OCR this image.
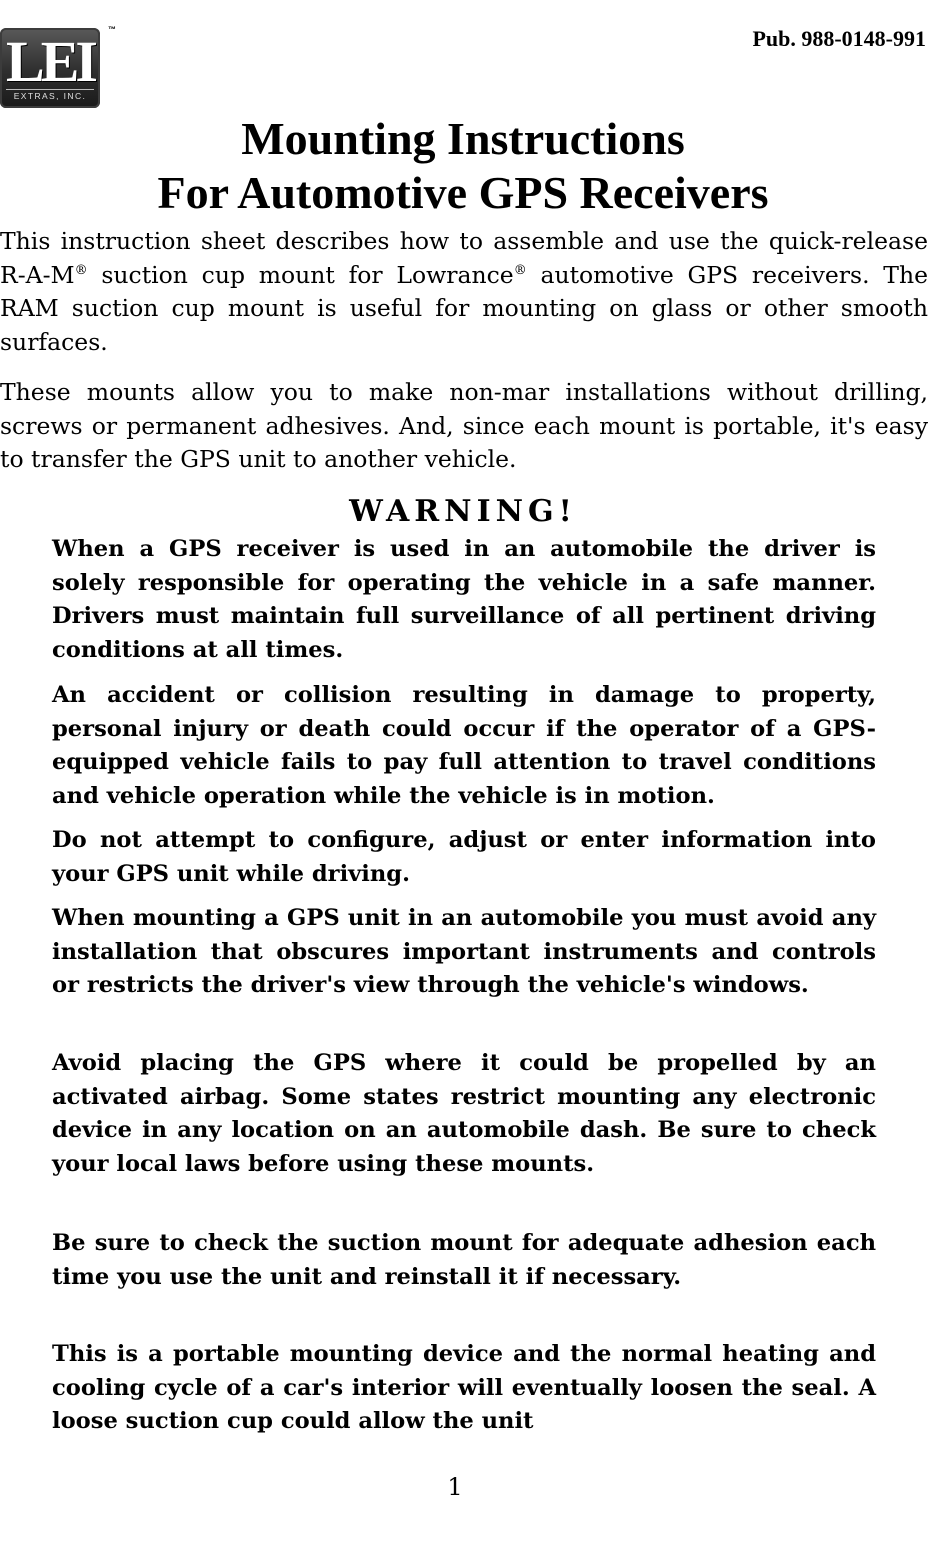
LEI
EXTRAS, INC.
™	Pub. 988-0148-991
Mounting Instructions
For Automotive GPS Receivers

This instruction sheet describes how to assemble and use the quick-release R-A-M® suction cup mount for Lowrance® automotive GPS receivers. The RAM suction cup mount is useful for mounting on glass or other smooth surfaces.

These mounts allow you to make non-mar installations without drilling, screws or permanent adhesives. And, since each mount is portable, it's easy to transfer the GPS unit to another vehicle.

WARNING!

When a GPS receiver is used in an automobile the driver is solely responsible for operating the vehicle in a safe manner. Drivers must maintain full surveillance of all pertinent driving conditions at all times.

An accident or collision resulting in damage to property, personal injury or death could occur if the operator of a GPS-equipped vehicle fails to pay full attention to travel conditions and vehicle operation while the vehicle is in motion.

Do not attempt to configure, adjust or enter information into your GPS unit while driving.

When mounting a GPS unit in an automobile you must avoid any installation that obscures important instruments and controls or restricts the driver's view through the vehicle's windows.

Avoid placing the GPS where it could be propelled by an activated airbag. Some states restrict mounting any electronic device in any location on an automobile dash. Be sure to check your local laws before using these mounts.

Be sure to check the suction mount for adequate adhesion each time you use the unit and reinstall it if necessary.

This is a portable mounting device and the normal heating and cooling cycle of a car's interior will eventually loosen the seal. A loose suction cup could allow the unit

1
